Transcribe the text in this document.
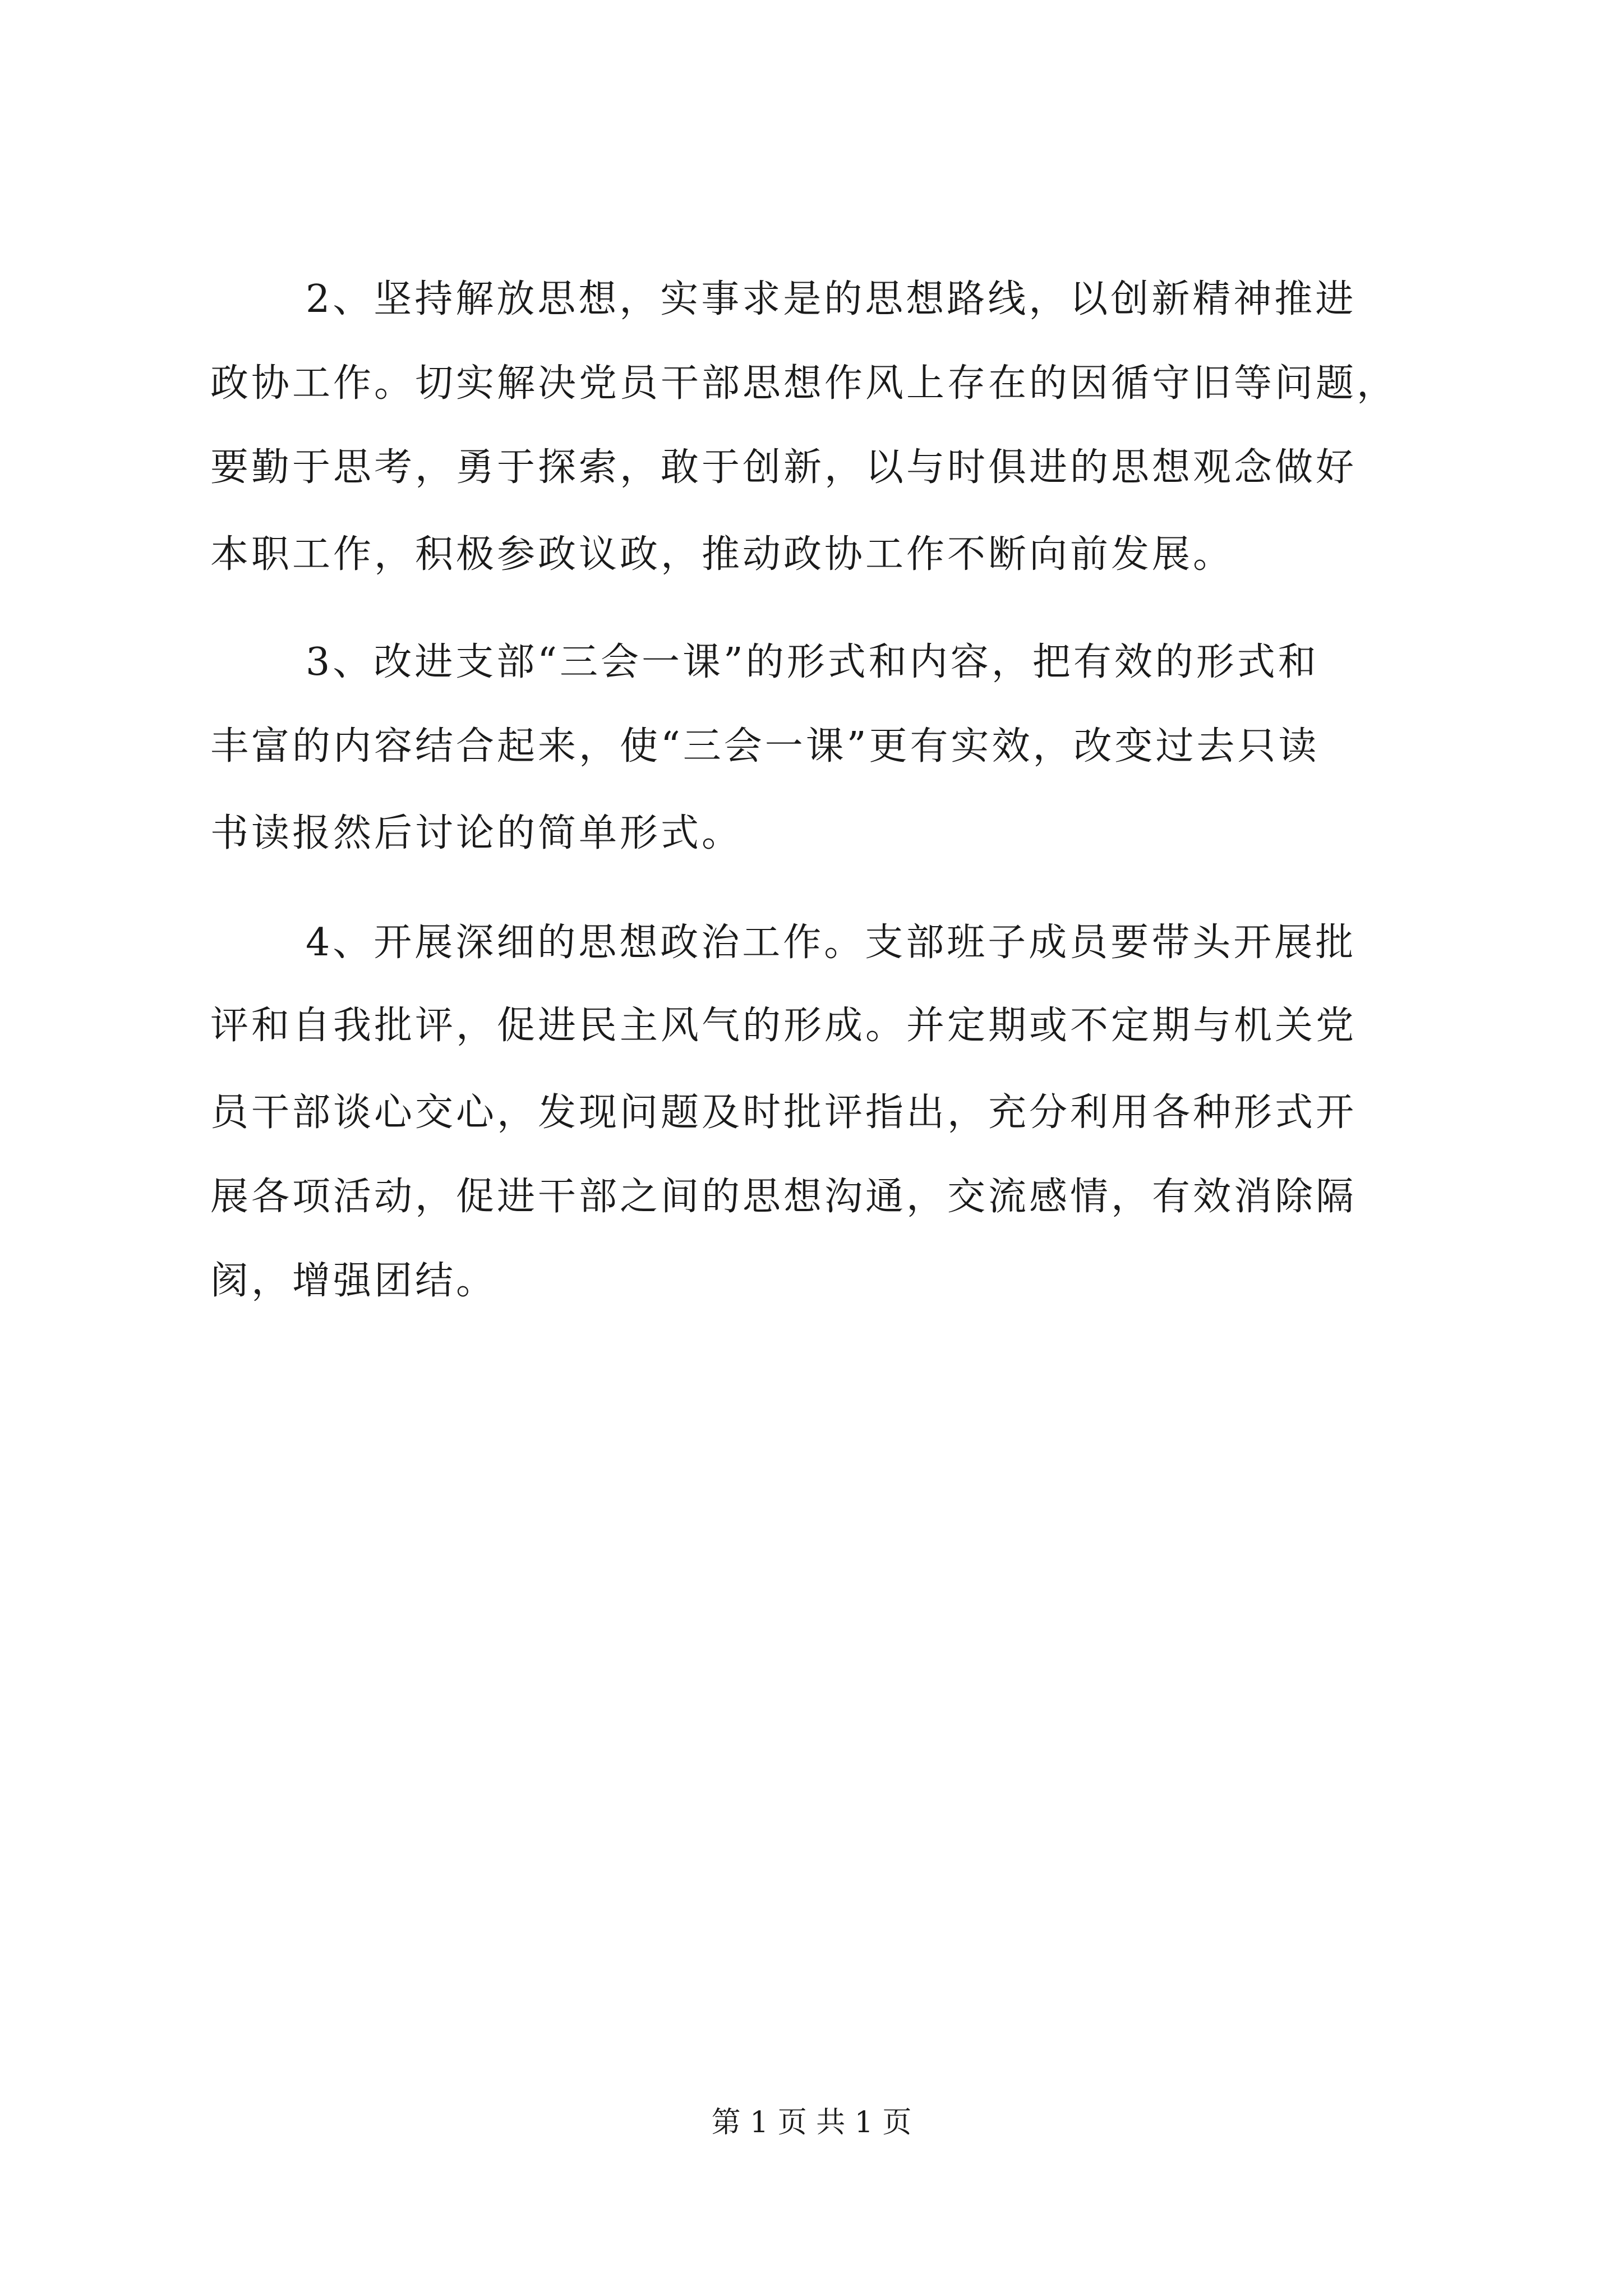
2、坚持解放思想，实事求是的思想路线，以创新精神推进
政协工作。切实解决党员干部思想作风上存在的因循守旧等问题，
要勤于思考，勇于探索，敢于创新，以与时俱进的思想观念做好
本职工作，积极参政议政，推动政协工作不断向前发展。
3、改进支部“三会一课”的形式和内容，把有效的形式和
丰富的内容结合起来，使“三会一课”更有实效，改变过去只读
书读报然后讨论的简单形式。
4、开展深细的思想政治工作。支部班子成员要带头开展批
评和自我批评，促进民主风气的形成。并定期或不定期与机关党
员干部谈心交心，发现问题及时批评指出，充分利用各种形式开
展各项活动，促进干部之间的思想沟通，交流感情，有效消除隔
阂，增强团结。
第 1 页 共 1 页
